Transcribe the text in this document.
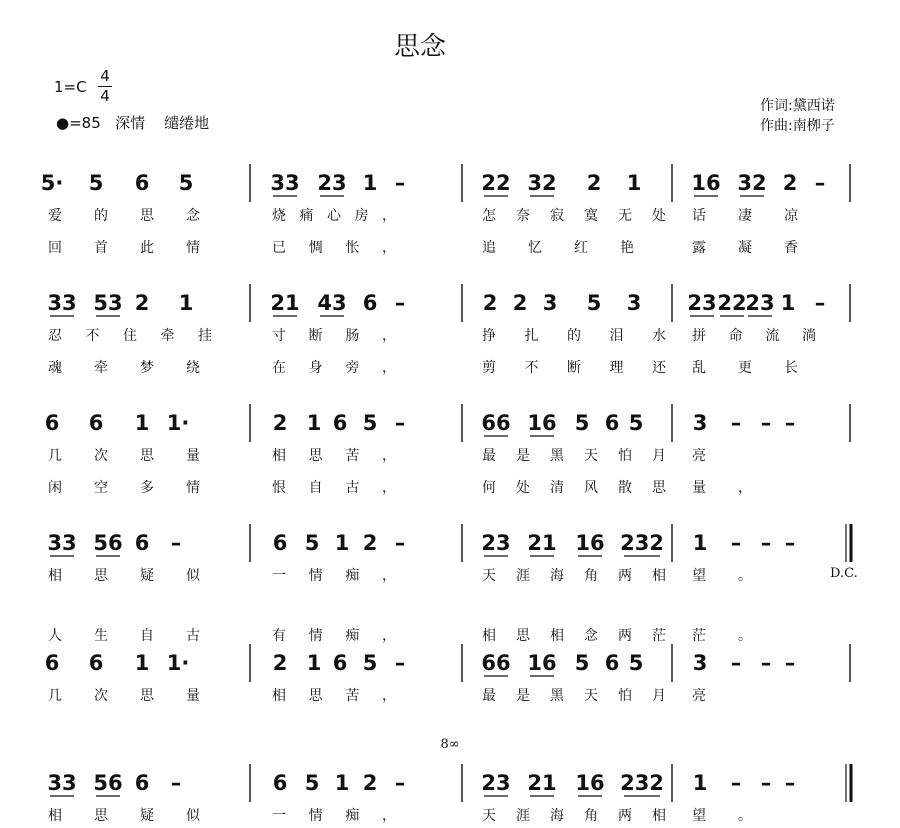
思念
1=C
4
4
●=85 深情    缱绻地
作词:黛西诺
作曲:南栁子
5· 5 6 5	33 23 1 –	22 32 2 1 16 32 2 –
爱 的 思 念	烧 痛 心 房 ，	怎 奈 寂 寞 无 处 话 凄 凉
回 首 此 情	已 惆 怅 ，	追 忆 红 艳	露 凝 香
33 53 2 1	21 43 6 –	2 2 3 5 3 23 22
23 1 –
忍 不 住 牵 挂	寸 断 肠 ，	挣 扎 的 泪 水 拼 命 流 淌
魂 牵 梦 绕	在 身 旁 ，	剪 不 断 理 还 乱 更 长
6 6 1 1·	2 1 6 5 –	66 16 5 6 5 3 – – –
几 次 思 量	相 思 苦 ，	最 是 黑 天 怕 月 亮
闲 空 多 情	恨 自 古 ，	何 处 清 风 散 思 量 ，
33 56 6 –	6 5 1 2 –	23 21 16 232 1 – – –
相 思 疑 似	一 情 痴 ，	天 涯 海 角 两 相 望 。
人 生 自 古	有 情 痴 ，	相 思 相 念 两 茫 茫 。
6 6 1 1·	2 1 6 5 –	66 16 5 6 5 3 – – –
几 次 思 量	相 思 苦 ，	最 是 黑 天 怕 月 亮
33 56 6 –	6 5 1 2 –	23 21 16 232 1 – – –
相 思 疑 似	一 情 痴 ，	天 涯 海 角 两 相 望 。
D.C.
8∞
